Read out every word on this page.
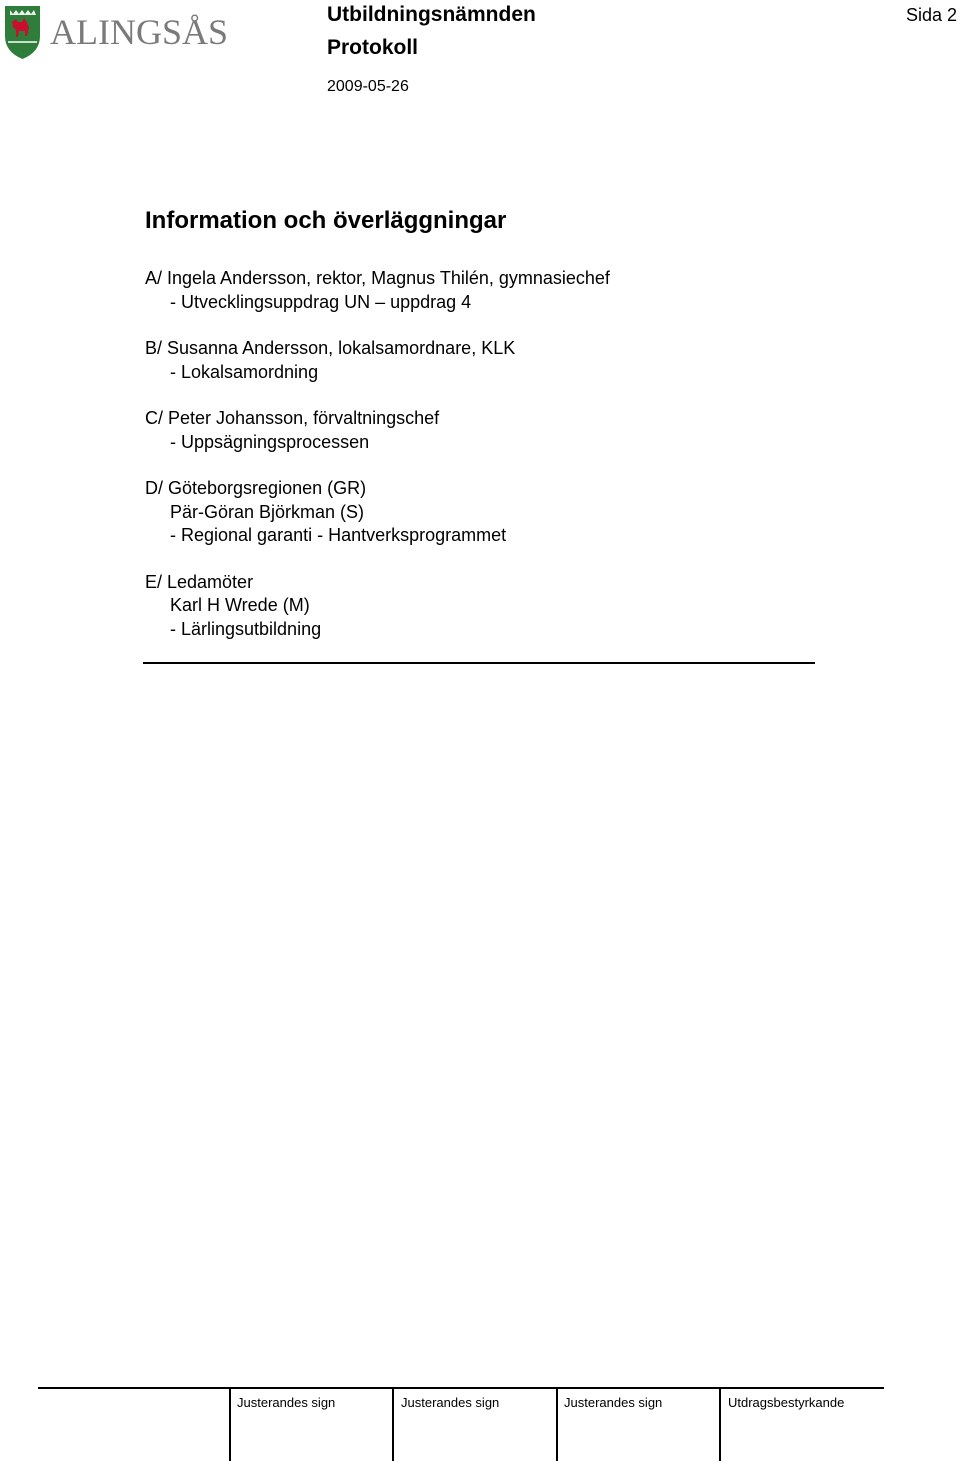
ALINGSÅS	Utbildningsnämnden
Protokoll
2009-05-26
Sida 2
Information och överläggningar
A/ Ingela Andersson, rektor, Magnus Thilén, gymnasiechef
- Utvecklingsuppdrag UN – uppdrag 4
B/ Susanna Andersson, lokalsamordnare, KLK
- Lokalsamordning
C/ Peter Johansson, förvaltningschef
- Uppsägningsprocessen
D/ Göteborgsregionen (GR)
Pär-Göran Björkman (S)
- Regional garanti - Hantverksprogrammet
E/ Ledamöter
Karl H Wrede (M)
- Lärlingsutbildning
Justerandes sign	Justerandes sign	Justerandes sign	Utdragsbestyrkande
